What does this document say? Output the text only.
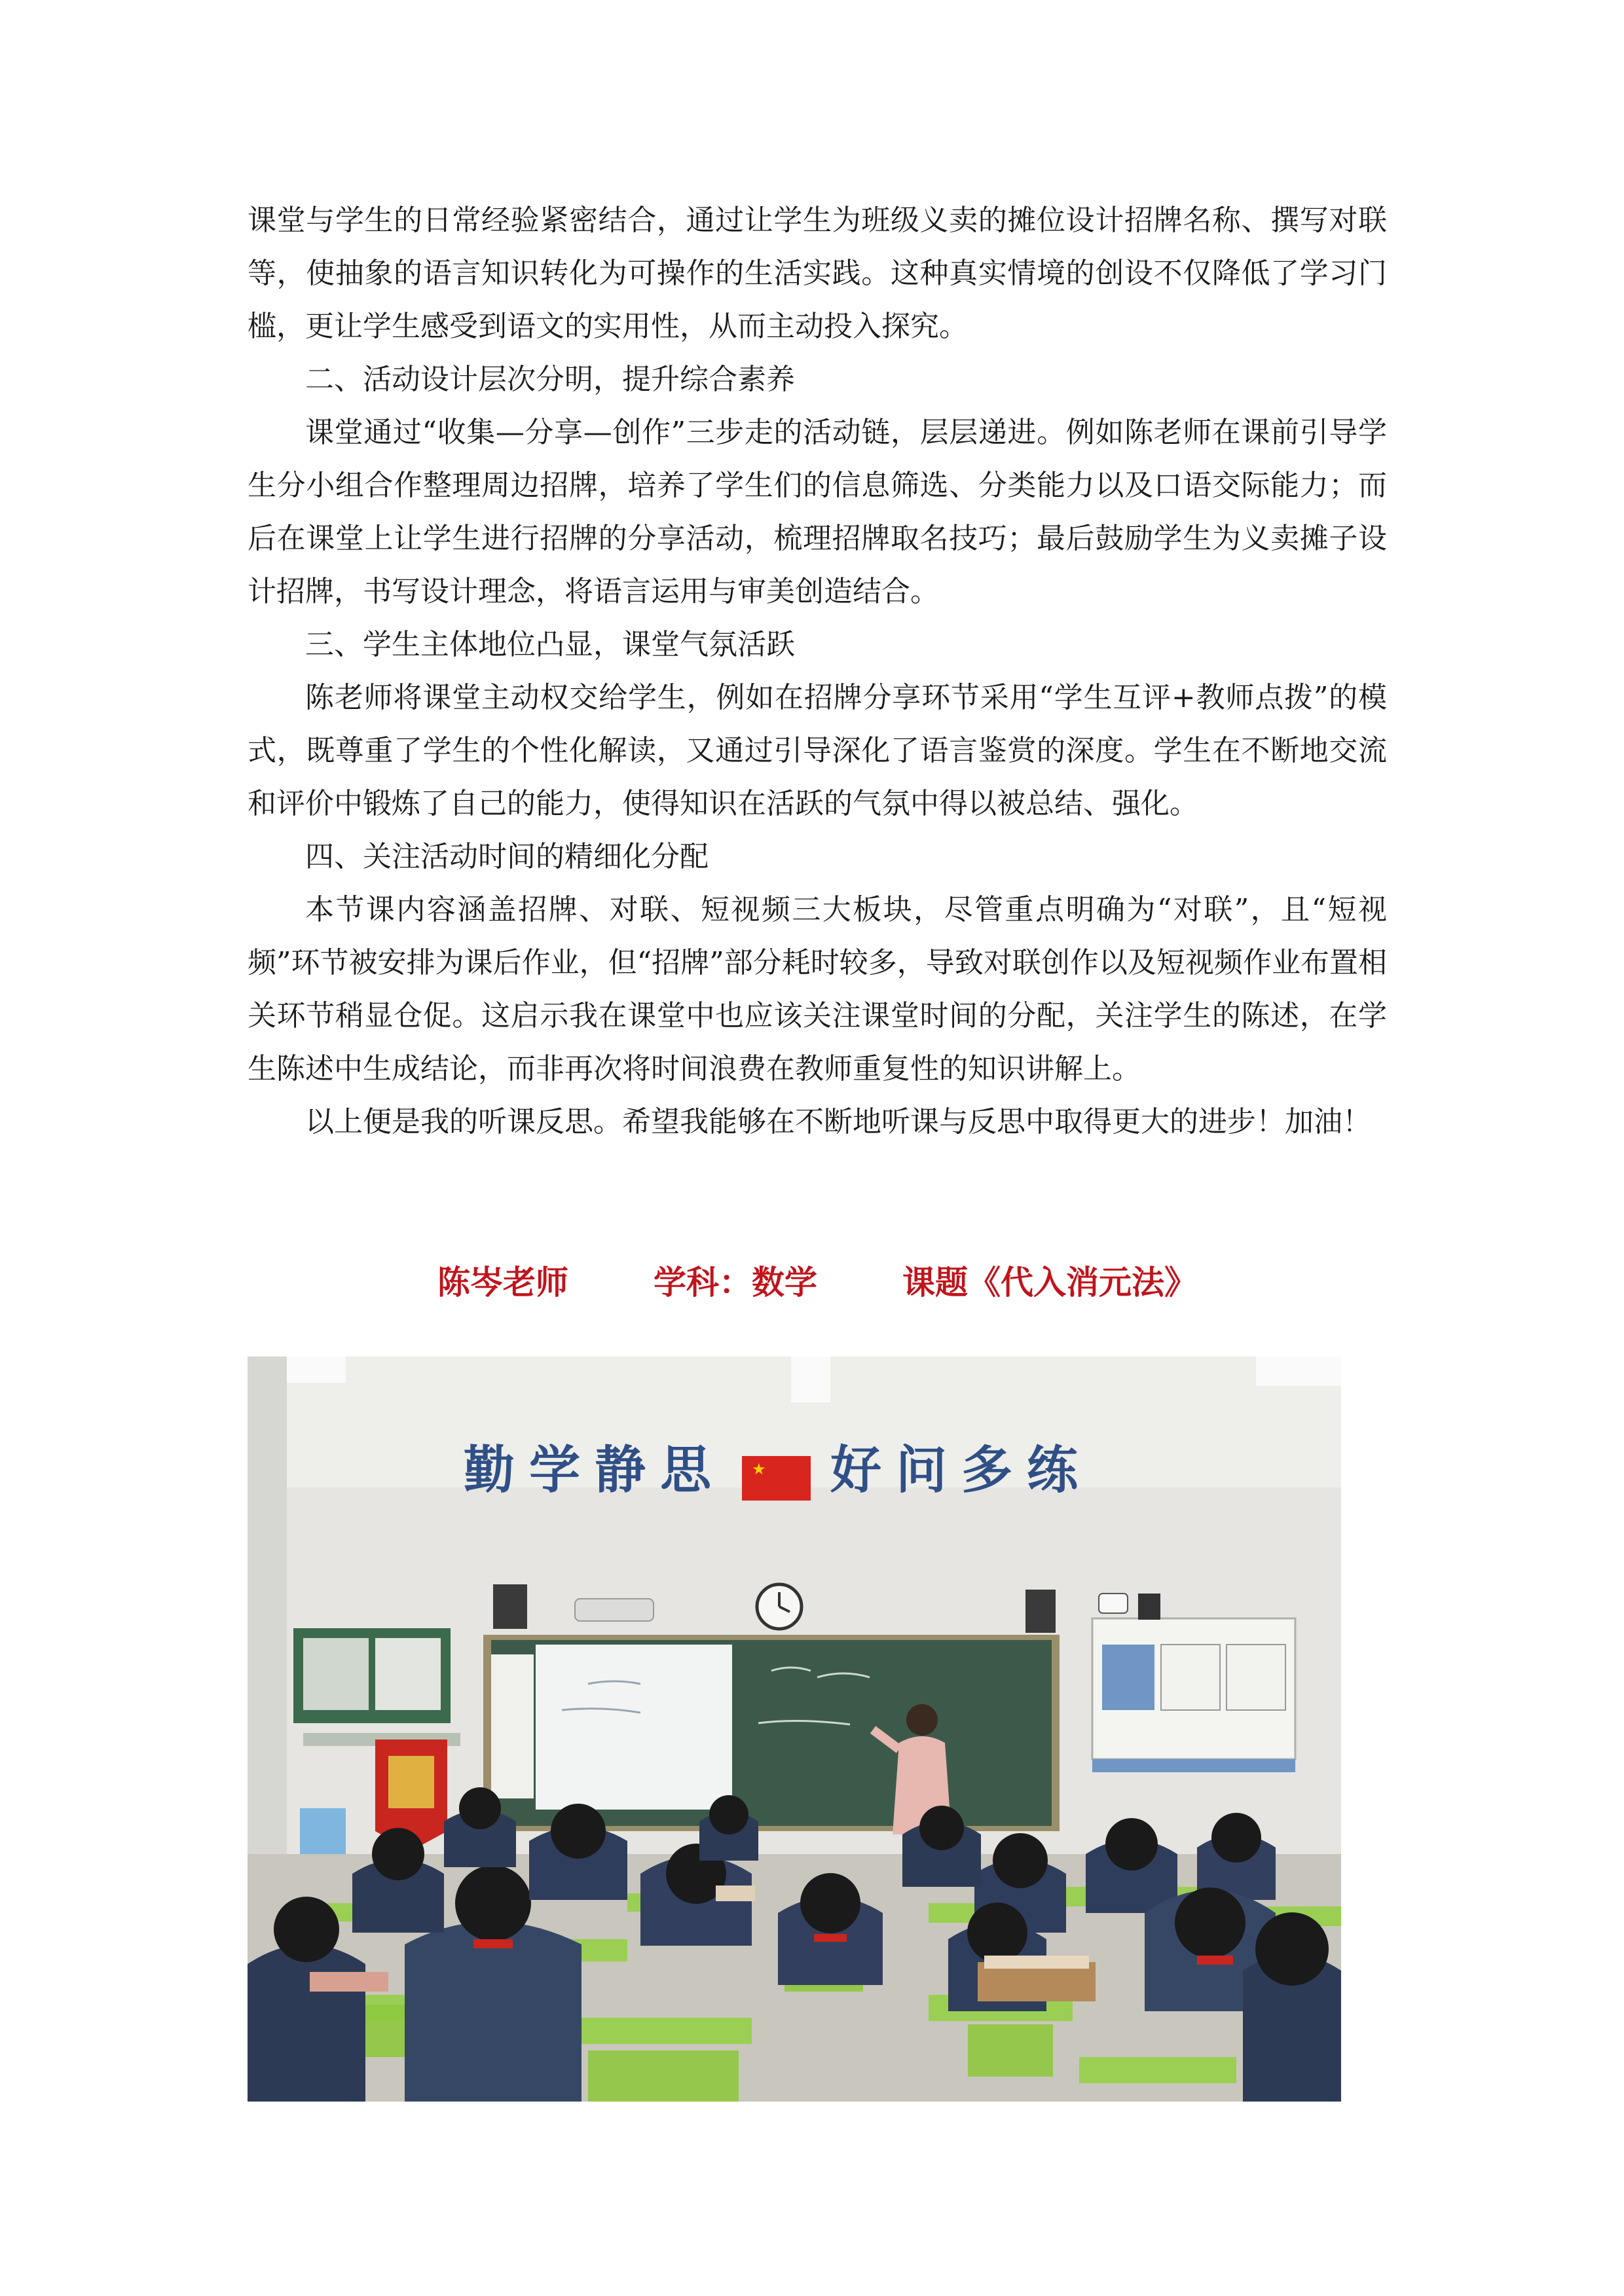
课堂与学生的日常经验紧密结合，通过让学生为班级义卖的摊位设计招牌名称、撰写对联等，使抽象的语言知识转化为可操作的生活实践。这种真实情境的创设不仅降低了学习门槛，更让学生感受到语文的实用性，从而主动投入探究。

二、活动设计层次分明，提升综合素养

课堂通过“收集—分享—创作”三步走的活动链，层层递进。例如陈老师在课前引导学生分小组合作整理周边招牌，培养了学生们的信息筛选、分类能力以及口语交际能力；而后在课堂上让学生进行招牌的分享活动，梳理招牌取名技巧；最后鼓励学生为义卖摊子设计招牌，书写设计理念，将语言运用与审美创造结合。

三、学生主体地位凸显，课堂气氛活跃

陈老师将课堂主动权交给学生，例如在招牌分享环节采用“学生互评+教师点拨”的模式，既尊重了学生的个性化解读，又通过引导深化了语言鉴赏的深度。学生在不断地交流和评价中锻炼了自己的能力，使得知识在活跃的气氛中得以被总结、强化。

四、关注活动时间的精细化分配

本节课内容涵盖招牌、对联、短视频三大板块，尽管重点明确为“对联”，且“短视频”环节被安排为课后作业，但“招牌”部分耗时较多，导致对联创作以及短视频作业布置相关环节稍显仓促。这启示我在课堂中也应该关注课堂时间的分配，关注学生的陈述，在学生陈述中生成结论，而非再次将时间浪费在教师重复性的知识讲解上。

以上便是我的听课反思。希望我能够在不断地听课与反思中取得更大的进步！加油！

陈岑老师	学科：数学	课题《代入消元法》
勤学静思 ★ 好问多练
